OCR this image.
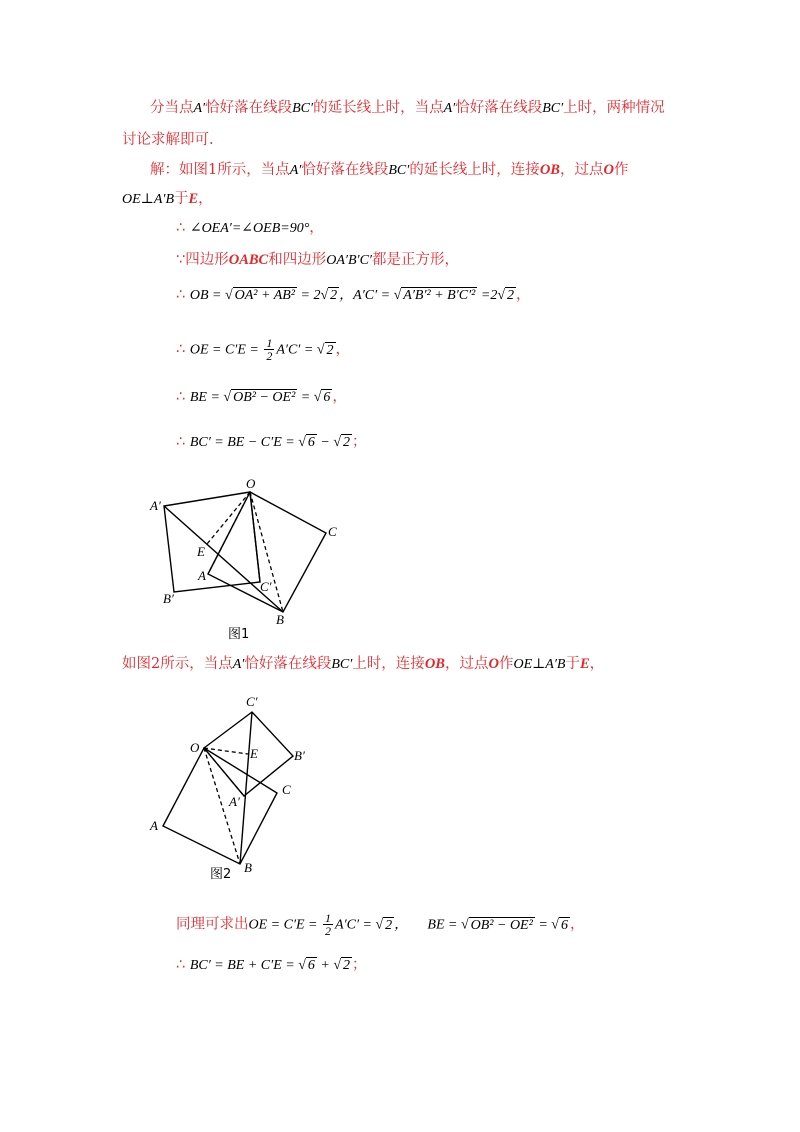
分当点A′恰好落在线段BC′的延长线上时，当点A′恰好落在线段BC′上时，两种情况
讨论求解即可.
解：如图1所示，当点A′恰好落在线段BC′的延长线上时，连接OB，过点O作
OE⊥A′B于E，
∴ ∠OEA′=∠OEB=90°，
∵四边形OABC和四边形OA′B′C′都是正方形，
∴ OB = √ OA² + AB² = 2√ 2 ，A′C′ = √ A′B′² + B′C′² =2√ 2 ，
∴ OE = $C'E = \frac{1}{2} A'C'$ = √ 2 ，
∴ BE = √ OB² − OE² = √ 6 ，
∴ BC′ = BE − C′E = √ 6 − √ 2 ；
O
A′
C
E
A
C′
B′
B
图1
如图2所示，当点A′恰好落在线段BC′上时，连接OB，过点O作OE⊥A′B于E，
C′
O	E	B′
A′
C
A
B
图2
同理可求出OE = $C'E = \frac{1}{2} A'C'$ = √ 2 ， BE = √ OB² − OE² = √ 6 ，
∴ BC′ = BE + C′E = √ 6 + √ 2 ；
